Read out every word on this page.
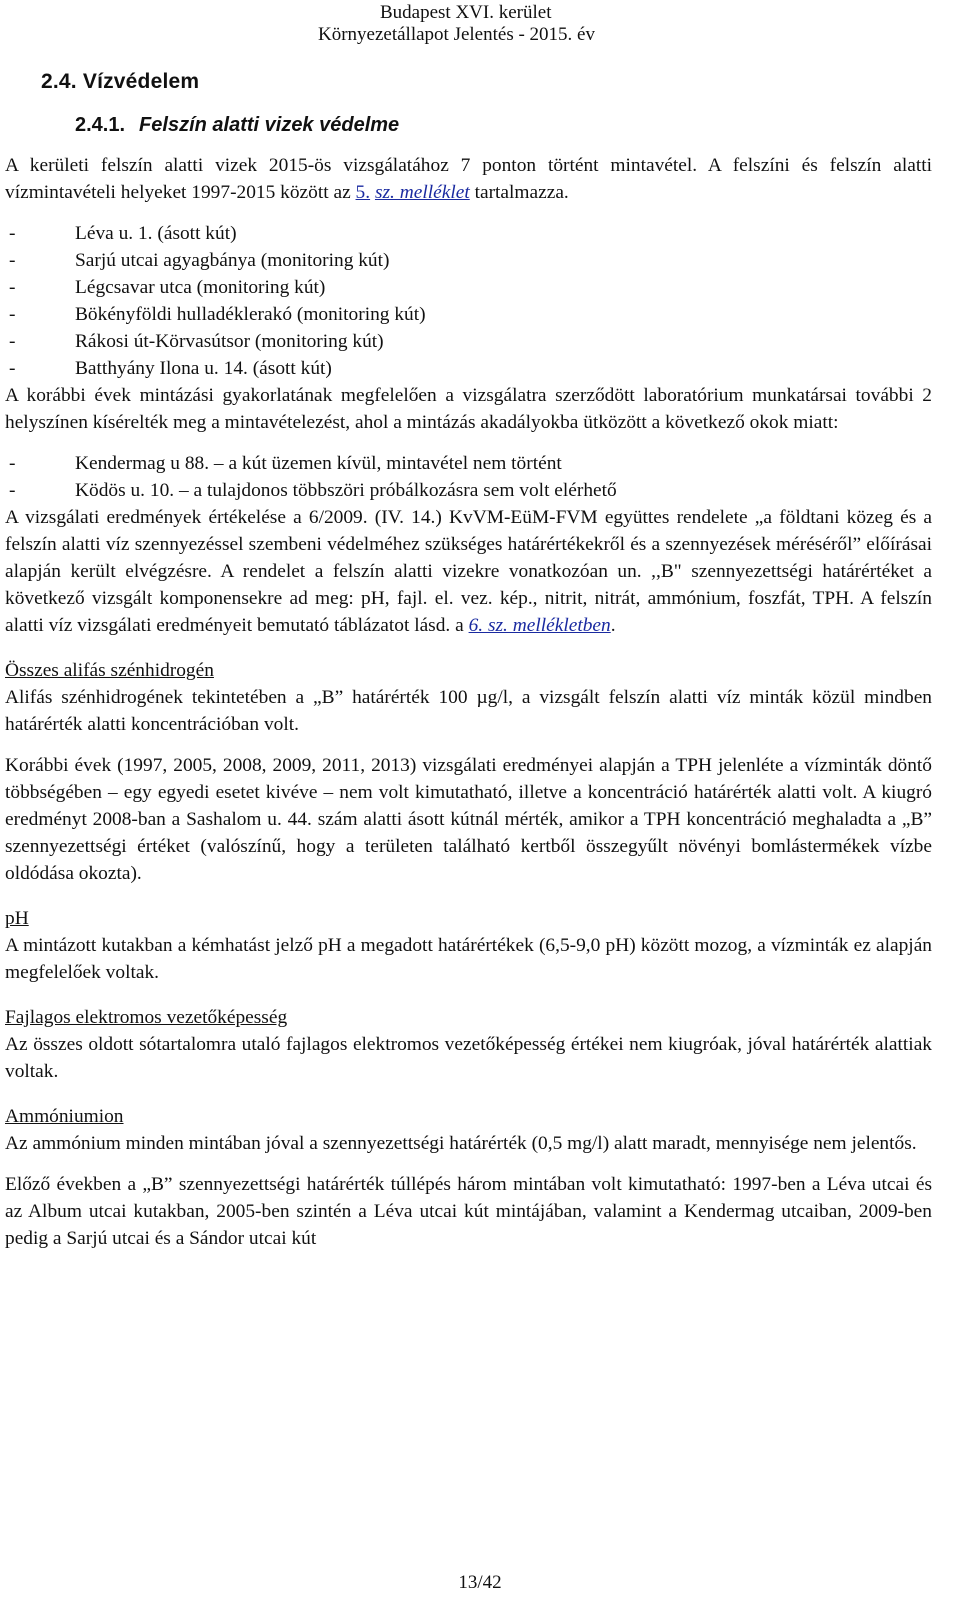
Budapest XVI. kerület
Környezetállapot Jelentés - 2015. év
2.4. Vízvédelem
2.4.1. Felszín alatti vizek védelme

A kerületi felszín alatti vizek 2015-ös vizsgálatához 7 ponton történt mintavétel. A felszíni és felszín alatti vízmintavételi helyeket 1997-2015 között az 5. sz. melléklet tartalmazza.

- Léva u. 1. (ásott kút)
- Sarjú utcai agyagbánya (monitoring kút)
- Légcsavar utca (monitoring kút)
- Bökényföldi hulladéklerakó (monitoring kút)
- Rákosi út-Körvasútsor (monitoring kút)
- Batthyány Ilona u. 14. (ásott kút)

A korábbi évek mintázási gyakorlatának megfelelően a vizsgálatra szerződött laboratórium munkatársai további 2 helyszínen kísérelték meg a mintavételezést, ahol a mintázás akadályokba ütközött a következő okok miatt:

- Kendermag u 88. – a kút üzemen kívül, mintavétel nem történt
- Ködös u. 10. – a tulajdonos többszöri próbálkozásra sem volt elérhető

A vizsgálati eredmények értékelése a 6/2009. (IV. 14.) KvVM-EüM-FVM együttes rendelete „a földtani közeg és a felszín alatti víz szennyezéssel szembeni védelméhez szükséges határértékekről és a szennyezések méréséről” előírásai alapján került elvégzésre. A rendelet a felszín alatti vizekre vonatkozóan un. ,,B" szennyezettségi határértéket a következő vizsgált komponensekre ad meg: pH, fajl. el. vez. kép., nitrit, nitrát, ammónium, foszfát, TPH. A felszín alatti víz vizsgálati eredményeit bemutató táblázatot lásd. a 6. sz. mellékletben.

Összes alifás szénhidrogén

Alifás szénhidrogének tekintetében a „B” határérték 100 µg/l, a vizsgált felszín alatti víz minták közül mindben határérték alatti koncentrációban volt.

Korábbi évek (1997, 2005, 2008, 2009, 2011, 2013) vizsgálati eredményei alapján a TPH jelenléte a vízminták döntő többségében – egy egyedi esetet kivéve – nem volt kimutatható, illetve a koncentráció határérték alatti volt. A kiugró eredményt 2008-ban a Sashalom u. 44. szám alatti ásott kútnál mérték, amikor a TPH koncentráció meghaladta a „B” szennyezettségi értéket (valószínű, hogy a területen található kertből összegyűlt növényi bomlástermékek vízbe oldódása okozta).

pH

A mintázott kutakban a kémhatást jelző pH a megadott határértékek (6,5-9,0 pH) között mozog, a vízminták ez alapján megfelelőek voltak.

Fajlagos elektromos vezetőképesség

Az összes oldott sótartalomra utaló fajlagos elektromos vezetőképesség értékei nem kiugróak, jóval határérték alattiak voltak.

Ammóniumion

Az ammónium minden mintában jóval a szennyezettségi határérték (0,5 mg/l) alatt maradt, mennyisége nem jelentős.

Előző években a „B” szennyezettségi határérték túllépés három mintában volt kimutatható: 1997-ben a Léva utcai és az Album utcai kutakban, 2005-ben szintén a Léva utcai kút mintájában, valamint a Kendermag utcaiban, 2009-ben pedig a Sarjú utcai és a Sándor utcai kút

13/42
